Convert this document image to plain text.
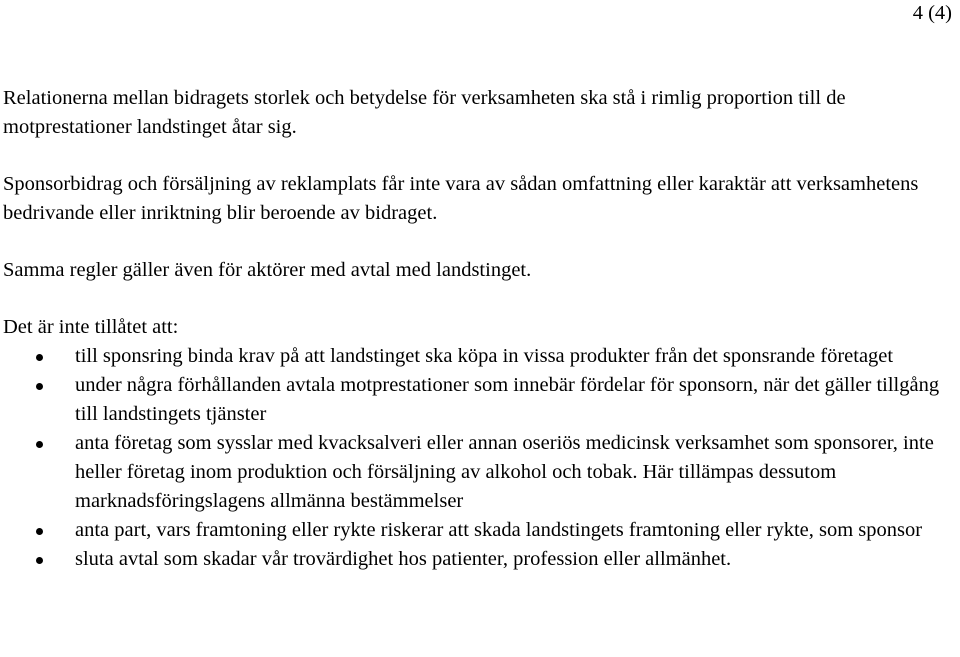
4 (4)

Relationerna mellan bidragets storlek och betydelse för verksamheten ska stå i rimlig proportion till de motprestationer landstinget åtar sig.

Sponsorbidrag och försäljning av reklamplats får inte vara av sådan omfattning eller karaktär att verksamhetens bedrivande eller inriktning blir beroende av bidraget.

Samma regler gäller även för aktörer med avtal med landstinget.

Det är inte tillåtet att:

till sponsring binda krav på att landstinget ska köpa in vissa produkter från det sponsrande företaget
under några förhållanden avtala motprestationer som innebär fördelar för sponsorn, när det gäller tillgång till landstingets tjänster
anta företag som sysslar med kvacksalveri eller annan oseriös medicinsk verksamhet som sponsorer, inte heller företag inom produktion och försäljning av alkohol och tobak. Här tillämpas dessutom marknadsföringslagens allmänna bestämmelser
anta part, vars framtoning eller rykte riskerar att skada landstingets framtoning eller rykte, som sponsor
sluta avtal som skadar vår trovärdighet hos patienter, profession eller allmänhet.
